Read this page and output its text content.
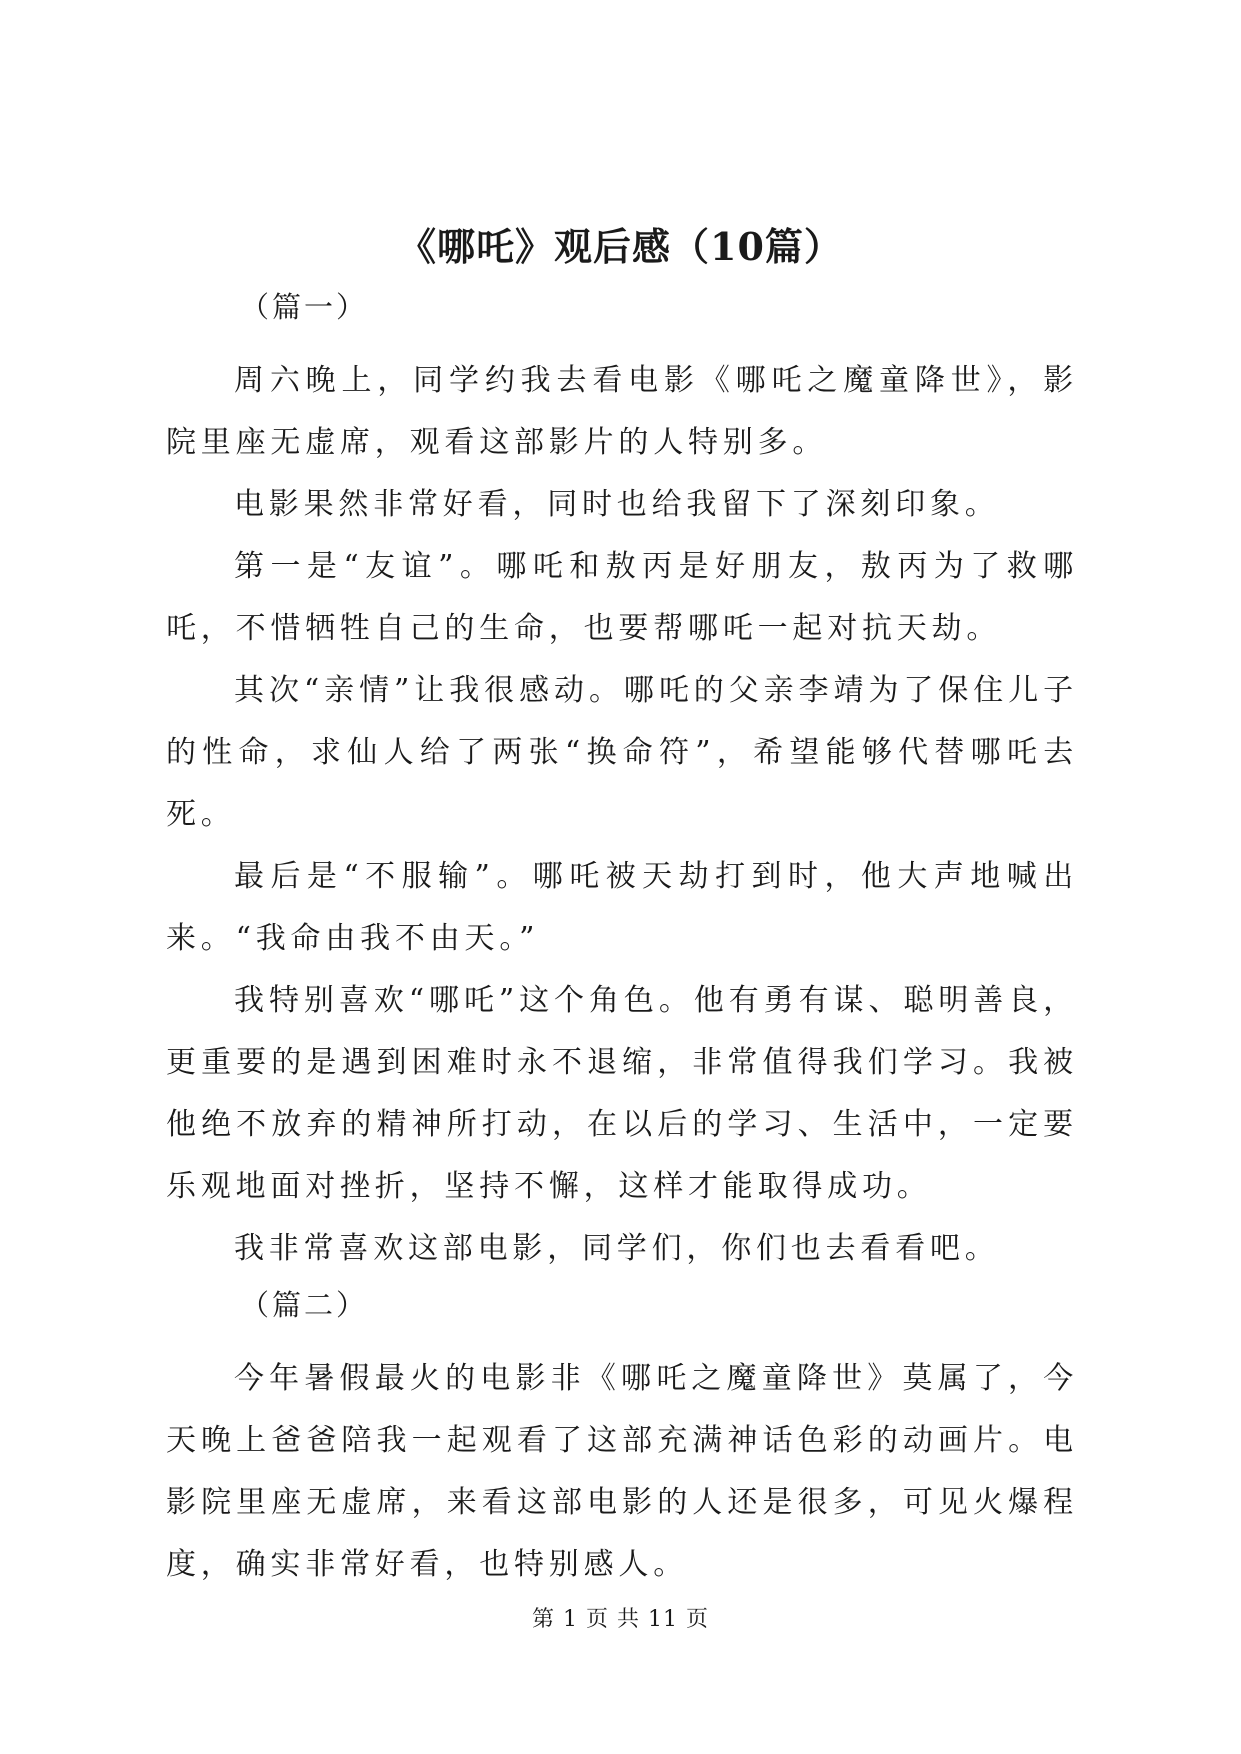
《哪吒》观后感（10篇）
（篇一）

周六晚上，同学约我去看电影《哪吒之魔童降世》，影院里座无虚席，观看这部影片的人特别多。

电影果然非常好看，同时也给我留下了深刻印象。

第一是“友谊”。哪吒和敖丙是好朋友，敖丙为了救哪吒，不惜牺牲自己的生命，也要帮哪吒一起对抗天劫。

其次“亲情”让我很感动。哪吒的父亲李靖为了保住儿子的性命，求仙人给了两张“换命符”，希望能够代替哪吒去死。

最后是“不服输”。哪吒被天劫打到时，他大声地喊出来。“我命由我不由天。”

我特别喜欢“哪吒”这个角色。他有勇有谋、聪明善良，更重要的是遇到困难时永不退缩，非常值得我们学习。我被他绝不放弃的精神所打动，在以后的学习、生活中，一定要乐观地面对挫折，坚持不懈，这样才能取得成功。

我非常喜欢这部电影，同学们，你们也去看看吧。

（篇二）

今年暑假最火的电影非《哪吒之魔童降世》莫属了，今天晚上爸爸陪我一起观看了这部充满神话色彩的动画片。电影院里座无虚席，来看这部电影的人还是很多，可见火爆程度，确实非常好看，也特别感人。

第 1 页 共 11 页
